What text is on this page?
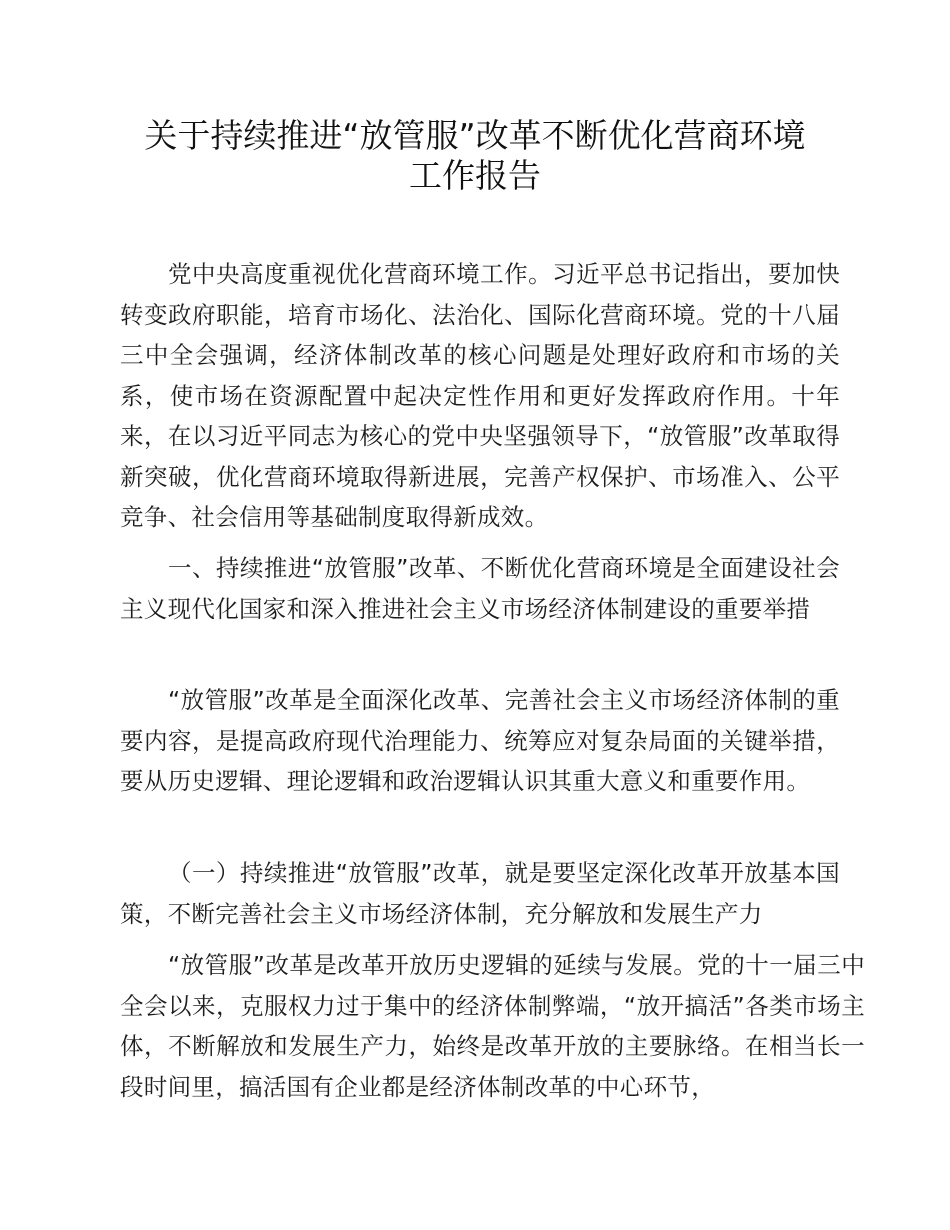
关于持续推进“放管服”改革不断优化营商环境
工作报告

党中央高度重视优化营商环境工作。习近平总书记指出，要加快转变政府职能，培育市场化、法治化、国际化营商环境。党的十八届三中全会强调，经济体制改革的核心问题是处理好政府和市场的关系，使市场在资源配置中起决定性作用和更好发挥政府作用。十年来，在以习近平同志为核心的党中央坚强领导下，“放管服”改革取得新突破，优化营商环境取得新进展，完善产权保护、市场准入、公平竞争、社会信用等基础制度取得新成效。

一、持续推进“放管服”改革、不断优化营商环境是全面建设社会主义现代化国家和深入推进社会主义市场经济体制建设的重要举措

“放管服”改革是全面深化改革、完善社会主义市场经济体制的重要内容，是提高政府现代治理能力、统筹应对复杂局面的关键举措，要从历史逻辑、理论逻辑和政治逻辑认识其重大意义和重要作用。

（一）持续推进“放管服”改革，就是要坚定深化改革开放基本国策，不断完善社会主义市场经济体制，充分解放和发展生产力

“放管服”改革是改革开放历史逻辑的延续与发展。党的十一届三中全会以来，克服权力过于集中的经济体制弊端，“放开搞活”各类市场主体，不断解放和发展生产力，始终是改革开放的主要脉络。在相当长一段时间里，搞活国有企业都是经济体制改革的中心环节，
